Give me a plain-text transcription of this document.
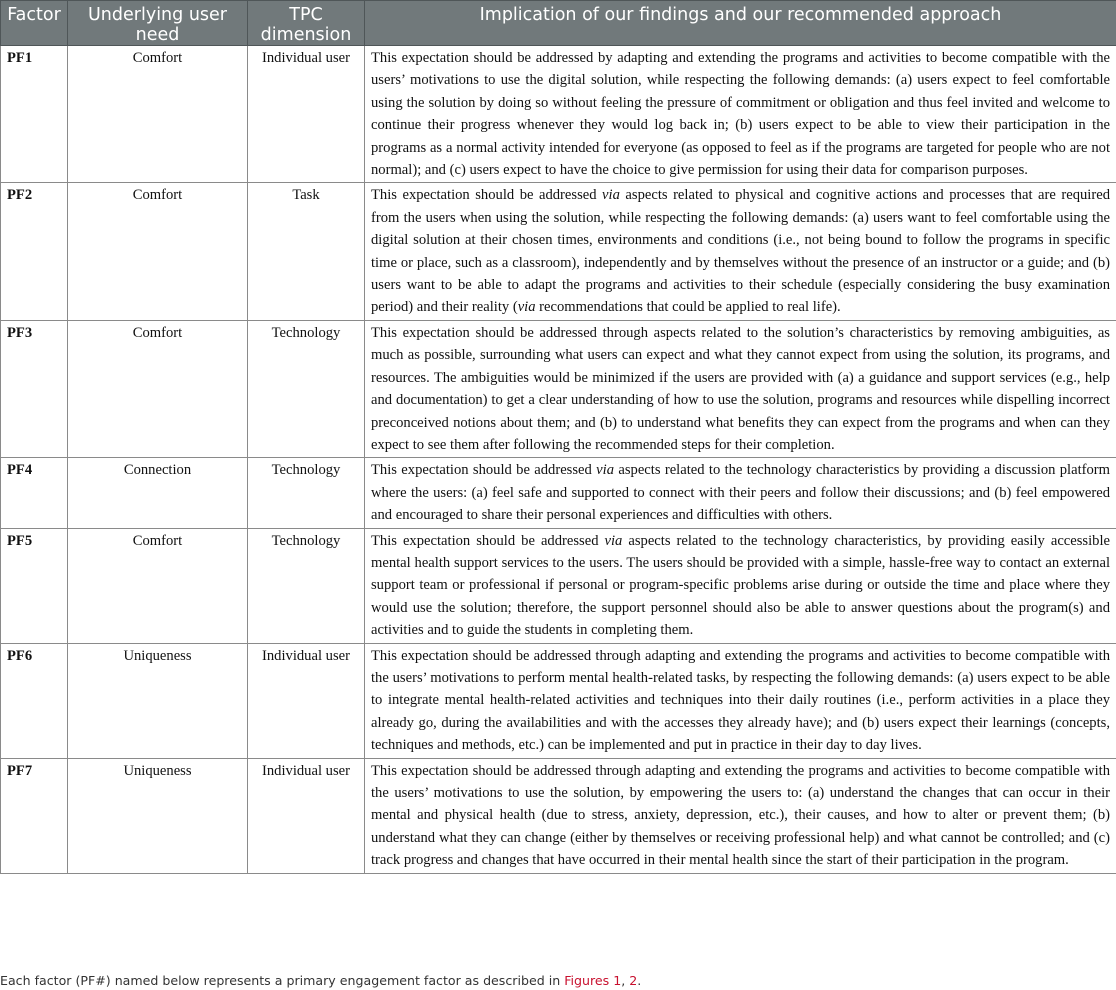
Factor	Underlying user need	TPC dimension	Implication of our findings and our recommended approach
PF1	Comfort	Individual user	This expectation should be addressed by adapting and extending the programs and activities to become compatible with the users’ motivations to use the digital solution, while respecting the following demands: (a) users expect to feel comfortable using the solution by doing so without feeling the pressure of commitment or obligation and thus feel invited and welcome to continue their progress whenever they would log back in; (b) users expect to be able to view their participation in the programs as a normal activity intended for everyone (as opposed to feel as if the programs are targeted for people who are not normal); and (c) users expect to have the choice to give permission for using their data for comparison purposes.
PF2	Comfort	Task	This expectation should be addressed via aspects related to physical and cognitive actions and processes that are required from the users when using the solution, while respecting the following demands: (a) users want to feel comfortable using the digital solution at their chosen times, environments and conditions (i.e., not being bound to follow the programs in specific time or place, such as a classroom), independently and by themselves without the presence of an instructor or a guide; and (b) users want to be able to adapt the programs and activities to their schedule (especially considering the busy examination period) and their reality (via recommendations that could be applied to real life).
PF3	Comfort	Technology	This expectation should be addressed through aspects related to the solution’s characteristics by removing ambiguities, as much as possible, surrounding what users can expect and what they cannot expect from using the solution, its programs, and resources. The ambiguities would be minimized if the users are provided with (a) a guidance and support services (e.g., help and documentation) to get a clear understanding of how to use the solution, programs and resources while dispelling incorrect preconceived notions about them; and (b) to understand what benefits they can expect from the programs and when can they expect to see them after following the recommended steps for their completion.
PF4	Connection	Technology	This expectation should be addressed via aspects related to the technology characteristics by providing a discussion platform where the users: (a) feel safe and supported to connect with their peers and follow their discussions; and (b) feel empowered and encouraged to share their personal experiences and difficulties with others.
PF5	Comfort	Technology	This expectation should be addressed via aspects related to the technology characteristics, by providing easily accessible mental health support services to the users. The users should be provided with a simple, hassle-free way to contact an external support team or professional if personal or program-specific problems arise during or outside the time and place where they would use the solution; therefore, the support personnel should also be able to answer questions about the program(s) and activities and to guide the students in completing them.
PF6	Uniqueness	Individual user	This expectation should be addressed through adapting and extending the programs and activities to become compatible with the users’ motivations to perform mental health-related tasks, by respecting the following demands: (a) users expect to be able to integrate mental health-related activities and techniques into their daily routines (i.e., perform activities in a place they already go, during the availabilities and with the accesses they already have); and (b) users expect their learnings (concepts, techniques and methods, etc.) can be implemented and put in practice in their day to day lives.
PF7	Uniqueness	Individual user	This expectation should be addressed through adapting and extending the programs and activities to become compatible with the users’ motivations to use the solution, by empowering the users to: (a) understand the changes that can occur in their mental and physical health (due to stress, anxiety, depression, etc.), their causes, and how to alter or prevent them; (b) understand what they can change (either by themselves or receiving professional help) and what cannot be controlled; and (c) track progress and changes that have occurred in their mental health since the start of their participation in the program.
Each factor (PF#) named below represents a primary engagement factor as described in Figures 1, 2.
